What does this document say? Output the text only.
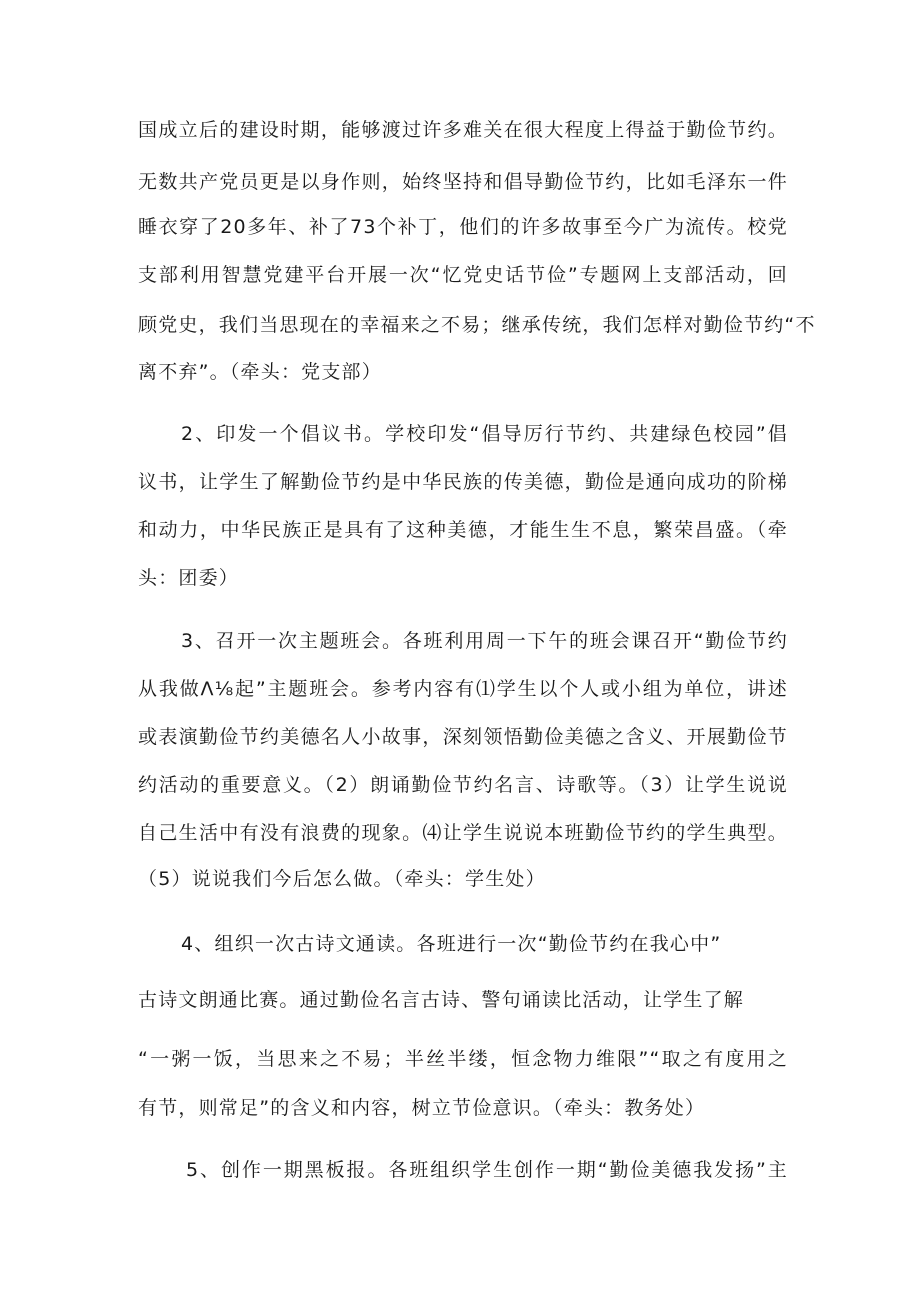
国成立后的建设时期，能够渡过许多难关在很大程度上得益于勤俭节约。
无数共产党员更是以身作则，始终坚持和倡导勤俭节约，比如毛泽东一件
睡衣穿了20多年、补了73个补丁，他们的许多故事至今广为流传。校党
支部利用智慧党建平台开展一次“忆党史话节俭”专题网上支部活动，回
顾党史，我们当思现在的幸福来之不易；继承传统，我们怎样对勤俭节约“不
离不弃”。（牵头：党支部）
2、印发一个倡议书。学校印发“倡导厉行节约、共建绿色校园”倡
议书，让学生了解勤俭节约是中华民族的传美德，勤俭是通向成功的阶梯
和动力，中华民族正是具有了这种美德，才能生生不息，繁荣昌盛。（牵
头：团委）
3、召开一次主题班会。各班利用周一下午的班会课召开“勤俭节约
从我做Λ⅛起”主题班会。参考内容有⑴学生以个人或小组为单位，讲述
或表演勤俭节约美德名人小故事，深刻领悟勤俭美德之含义、开展勤俭节
约活动的重要意义。（2）朗诵勤俭节约名言、诗歌等。（3）让学生说说
自己生活中有没有浪费的现象。⑷让学生说说本班勤俭节约的学生典型。
（5）说说我们今后怎么做。（牵头：学生处）
4、组织一次古诗文通读。各班进行一次“勤俭节约在我心中”
古诗文朗通比赛。通过勤俭名言古诗、警句诵读比活动，让学生了解
“一粥一饭，当思来之不易；半丝半缕，恒念物力维限”“取之有度用之
有节，则常足”的含义和内容，树立节俭意识。（牵头：教务处）
5、创作一期黑板报。各班组织学生创作一期“勤俭美德我发扬”主
